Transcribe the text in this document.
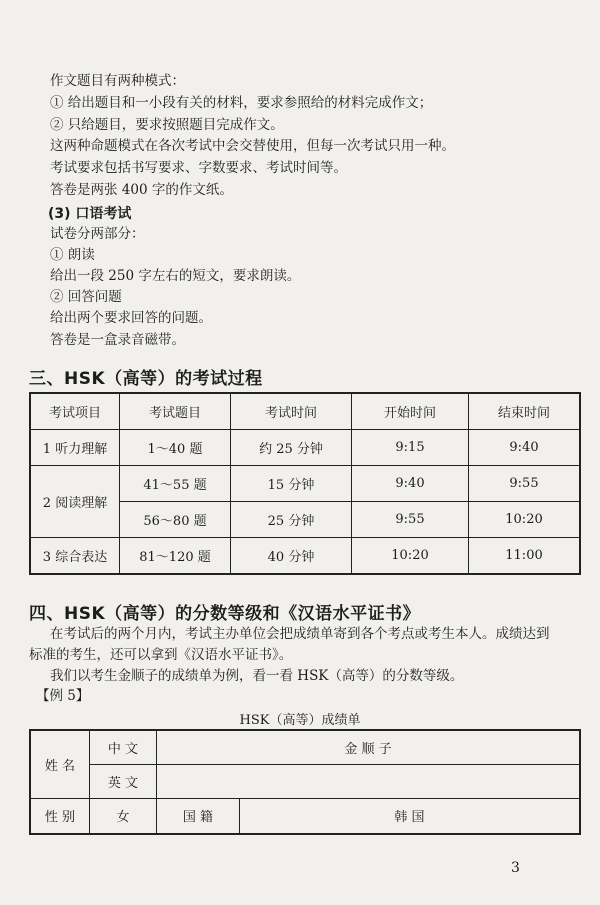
作文题目有两种模式：
① 给出题目和一小段有关的材料，要求参照给的材料完成作文；
② 只给题目，要求按照题目完成作文。
这两种命题模式在各次考试中会交替使用，但每一次考试只用一种。
考试要求包括书写要求、字数要求、考试时间等。
答卷是两张 400 字的作文纸。
(3) 口语考试
试卷分两部分：
① 朗读
给出一段 250 字左右的短文，要求朗读。
② 回答问题
给出两个要求回答的问题。
答卷是一盒录音磁带。
三、HSK（高等）的考试过程
考试项目	考试题目	考试时间	开始时间	结束时间
1 听力理解	1～40 题	约 25 分钟	9:15	9:40
2 阅读理解	41～55 题	15 分钟	9:40	9:55
	56～80 题	25 分钟	9:55	10:20
3 综合表达	81～120 题	40 分钟	10:20	11:00
四、HSK（高等）的分数等级和《汉语水平证书》
在考试后的两个月内，考试主办单位会把成绩单寄到各个考点或考生本人。成绩达到
标准的考生，还可以拿到《汉语水平证书》。
我们以考生金顺子的成绩单为例，看一看 HSK（高等）的分数等级。
【例 5】
HSK（高等）成绩单
姓 名	中 文	金 顺 子	
	英 文		
性 别	女	国 籍	韩 国
3
